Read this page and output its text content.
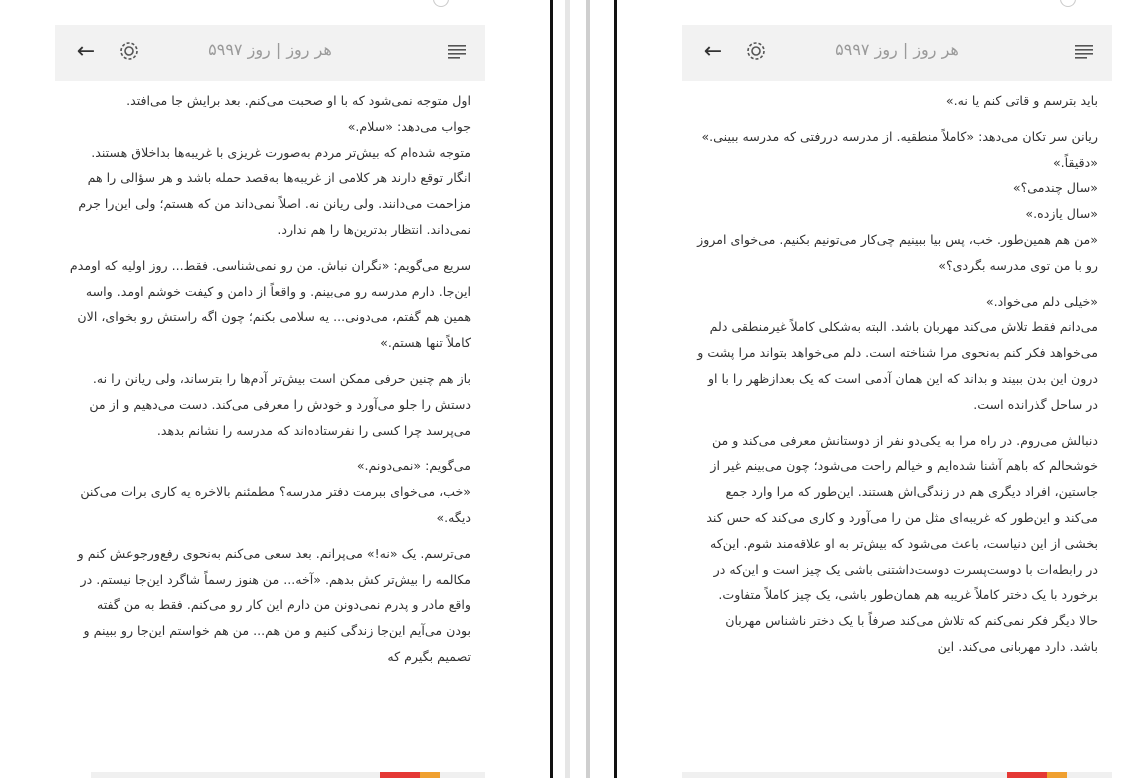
←	هر روز | روز ۵۹۹۷

اول متوجه نمی‌شود که با او صحبت می‌کنم. بعد برایش جا می‌افتد.

جواب می‌دهد: «سلام.»

متوجه شده‌ام که بیش‌تر مردم به‌صورت غریزی با غریبه‌ها بداخلاق هستند. انگار توقع دارند هر کلامی از غریبه‌ها به‌قصد حمله باشد و هر سؤالی را هم مزاحمت می‌دانند. ولی ریانن نه. اصلاً نمی‌داند من که هستم؛ ولی این‌را جرم نمی‌داند. انتظار بدترین‌ها را هم ندارد.

سریع می‌گویم: «نگران نباش. من رو نمی‌شناسی. فقط... روز اولیه که اومدم این‌جا. دارم مدرسه رو می‌بینم. و واقعاً از دامن و کیفت خوشم اومد. واسه همین هم گفتم، می‌دونی... یه سلامی بکنم؛ چون اگه راستش رو بخوای، الان کاملاً تنها هستم.»

باز هم چنین حرفی ممکن است بیش‌تر آدم‌ها را بترساند، ولی ریانن را نه. دستش را جلو می‌آورد و خودش را معرفی می‌کند. دست می‌دهیم و از من می‌پرسد چرا کسی را نفرستاده‌اند که مدرسه را نشانم بدهد.

می‌گویم: «نمی‌دونم.»

«خب، می‌خوای ببرمت دفتر مدرسه؟ مطمئنم بالاخره یه کاری برات می‌کنن دیگه.»

می‌ترسم. یک «نه!» می‌پرانم. بعد سعی می‌کنم به‌نحوی رفع‌ورجوعش کنم و مکالمه را بیش‌تر کش بدهم. «آخه... من هنوز رسماً شاگرد این‌جا نیستم. در واقع مادر و پدرم نمی‌دونن من دارم این کار رو می‌کنم. فقط به من گفته بودن می‌آیم این‌جا زندگی کنیم و من هم... من هم خواستم این‌جا رو ببینم و تصمیم بگیرم که

←	هر روز | روز ۵۹۹۷

باید بترسم و قاتی کنم یا نه.»

ریانن سر تکان می‌دهد: «کاملاً منطقیه. از مدرسه دررفتی که مدرسه ببینی.»

«دقیقاً.»

«سال چندمی؟»

«سال یازده.»

«من هم همین‌طور. خب، پس بیا ببینیم چی‌کار می‌تونیم بکنیم. می‌خوای امروز رو با من توی مدرسه بگردی؟»

«خیلی دلم می‌خواد.»

می‌دانم فقط تلاش می‌کند مهربان باشد. البته به‌شکلی کاملاً غیرمنطقی دلم می‌خواهد فکر کنم به‌نحوی مرا شناخته است. دلم می‌خواهد بتواند مرا پشت و درون این بدن ببیند و بداند که این همان آدمی است که یک بعدازظهر را با او در ساحل گذرانده است.

دنبالش می‌روم. در راه مرا به یکی‌دو نفر از دوستانش معرفی می‌کند و من خوشحالم که باهم آشنا شده‌ایم و خیالم راحت می‌شود؛ چون می‌بینم غیر از جاستین، افراد دیگری هم در زندگی‌اش هستند. این‌طور که مرا وارد جمع می‌کند و این‌طور که غریبه‌ای مثل من را می‌آورد و کاری می‌کند که حس کند بخشی از این دنیاست، باعث می‌شود که بیش‌تر به او علاقه‌مند شوم. این‌که در رابطه‌ات با دوست‌پسرت دوست‌داشتنی باشی یک چیز است و این‌که در برخورد با یک دختر کاملاً غریبه هم همان‌طور باشی، یک چیز کاملاً متفاوت. حالا دیگر فکر نمی‌کنم که تلاش می‌کند صرفاً با یک دختر ناشناس مهربان باشد. دارد مهربانی می‌کند. این
